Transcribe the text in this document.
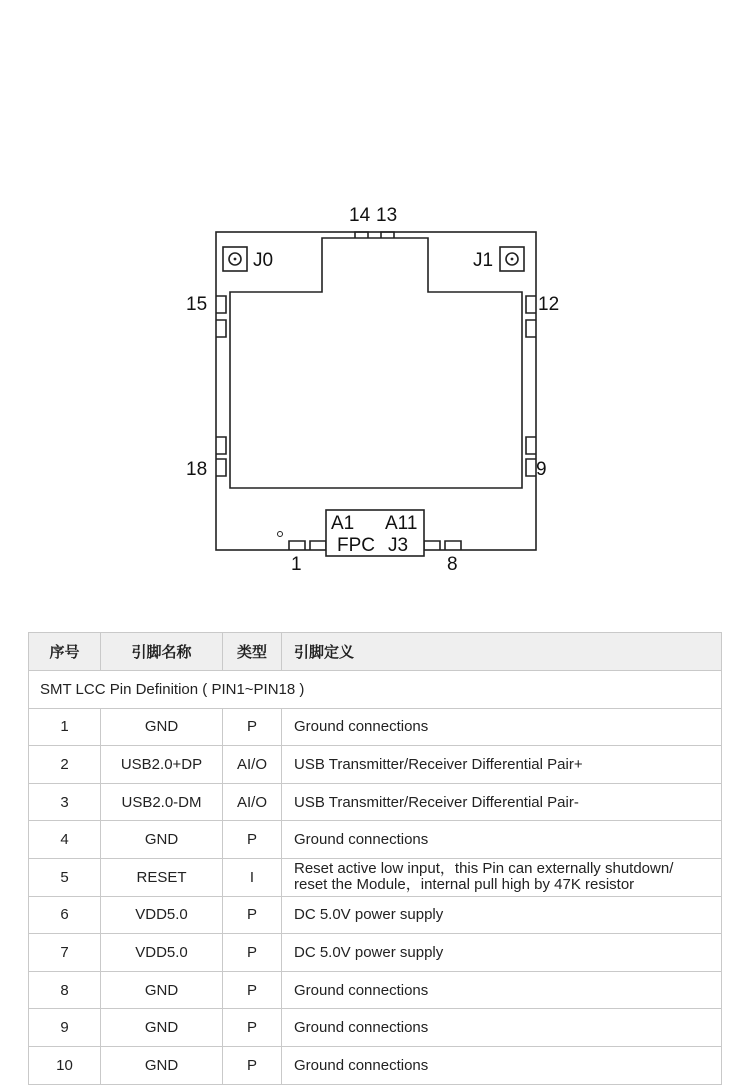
14 13
15	12
18	9
1	8
J0	J1
A1 A11
FPC J3
序号	引脚名称	类型	引脚定义
SMT LCC Pin Definition ( PIN1~PIN18 )			
1	GND	P	Ground connections
2	USB2.0+DP	AI/O	USB Transmitter/Receiver Differential Pair+
3	USB2.0-DM	AI/O	USB Transmitter/Receiver Differential Pair-
4	GND	P	Ground connections
5	RESET	I	Reset active low input，this Pin can externally shutdown/
reset the Module，internal pull high by 47K resistor

6	VDD5.0	P	DC 5.0V power supply
7	VDD5.0	P	DC 5.0V power supply
8	GND	P	Ground connections
9	GND	P	Ground connections
10	GND	P	Ground connections
